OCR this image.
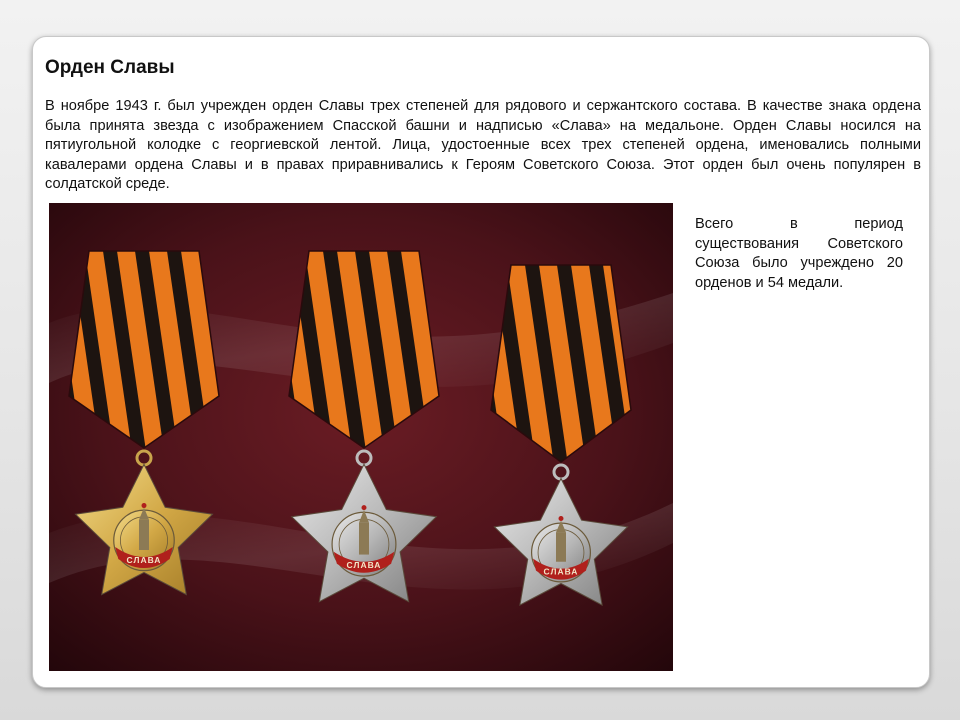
Орден Славы

В ноябре 1943 г. был учрежден орден Славы трех степеней для рядового и сержантского состава. В качестве знака ордена была принята звезда с изображением Спасской башни и надписью «Слава» на медальоне. Орден Славы носился на пятиугольной колодке с георгиевской лентой. Лица, удостоенные всех трех степеней ордена, именовались полными кавалерами ордена Славы и в правах приравнивались к Героям Советского Союза. Этот орден был очень популярен в солдатской среде.

СЛАВА	СЛАВА
СЛАВА

Всего в период существования Советского Союза было учреждено 20 орденов и 54 медали.
